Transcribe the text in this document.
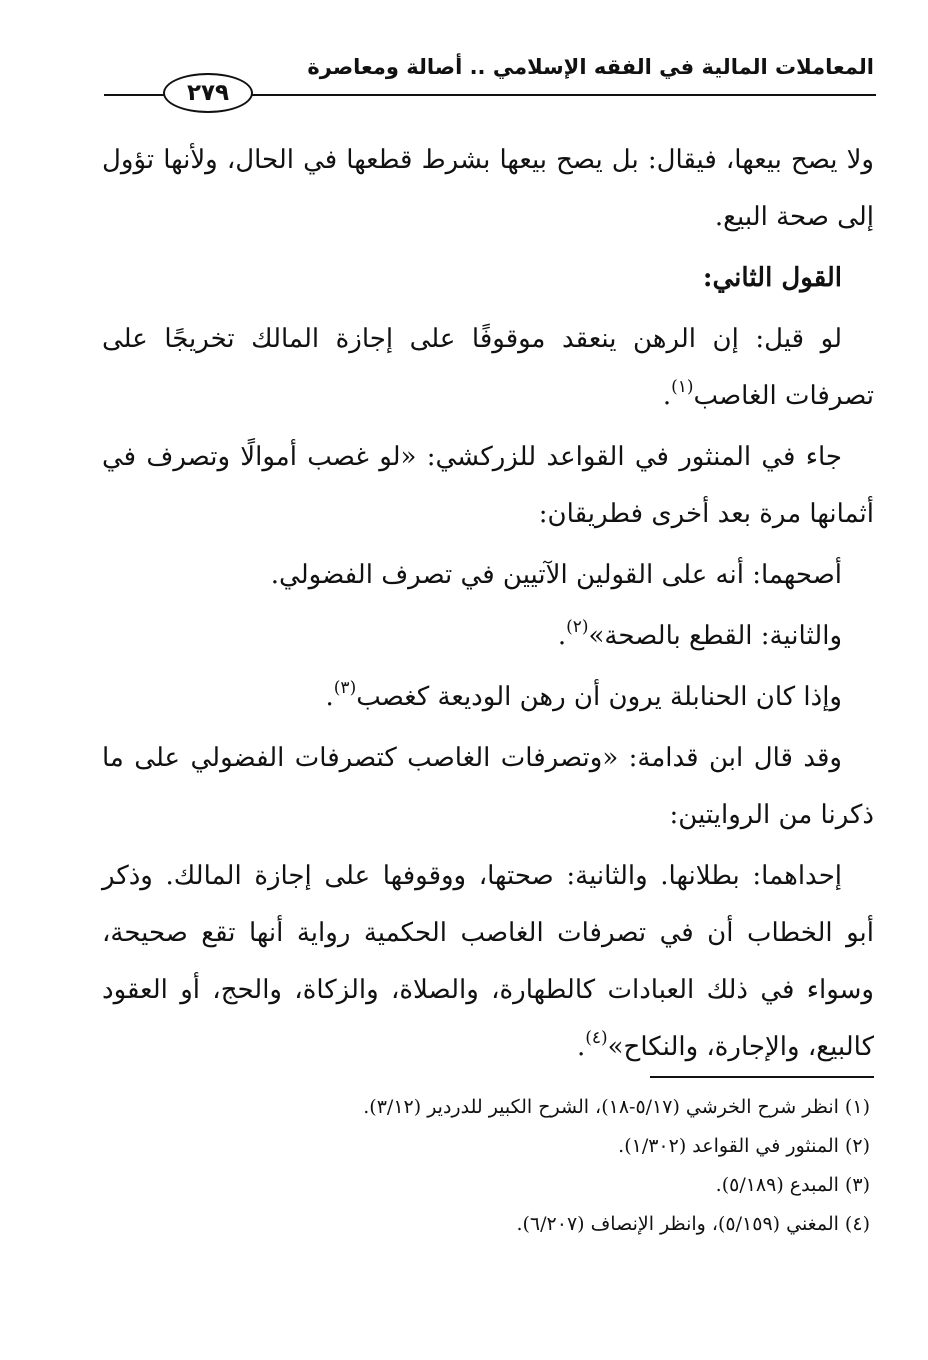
المعاملات المالية في الفقه الإسلامي .. أصالة ومعاصرة
٢٧٩

ولا يصح بيعها، فيقال: بل يصح بيعها بشرط قطعها في الحال، ولأنها تؤول إلى صحة البيع.

القول الثاني:

لو قيل: إن الرهن ينعقد موقوفًا على إجازة المالك تخريجًا على تصرفات الغاصب$^{(١)}$.

جاء في المنثور في القواعد للزركشي: «لو غصب أموالًا وتصرف في أثمانها مرة بعد أخرى فطريقان:

أصحهما: أنه على القولين الآتيين في تصرف الفضولي.

والثانية: القطع بالصحة»$^{(٢)}$.

وإذا كان الحنابلة يرون أن رهن الوديعة كغصب$^{(٣)}$.

وقد قال ابن قدامة: «وتصرفات الغاصب كتصرفات الفضولي على ما ذكرنا من الروايتين:

إحداهما: بطلانها. والثانية: صحتها، ووقوفها على إجازة المالك. وذكر أبو الخطاب أن في تصرفات الغاصب الحكمية رواية أنها تقع صحيحة، وسواء في ذلك العبادات كالطهارة، والصلاة، والزكاة، والحج، أو العقود كالبيع، والإجارة، والنكاح»$^{(٤)}$.

(١) انظر شرح الخرشي (٥/١٧-١٨)، الشرح الكبير للدردير (٣/١٢).
(٢) المنثور في القواعد (١/٣٠٢).
(٣) المبدع (٥/١٨٩).
(٤) المغني (٥/١٥٩)، وانظر الإنصاف (٦/٢٠٧).
